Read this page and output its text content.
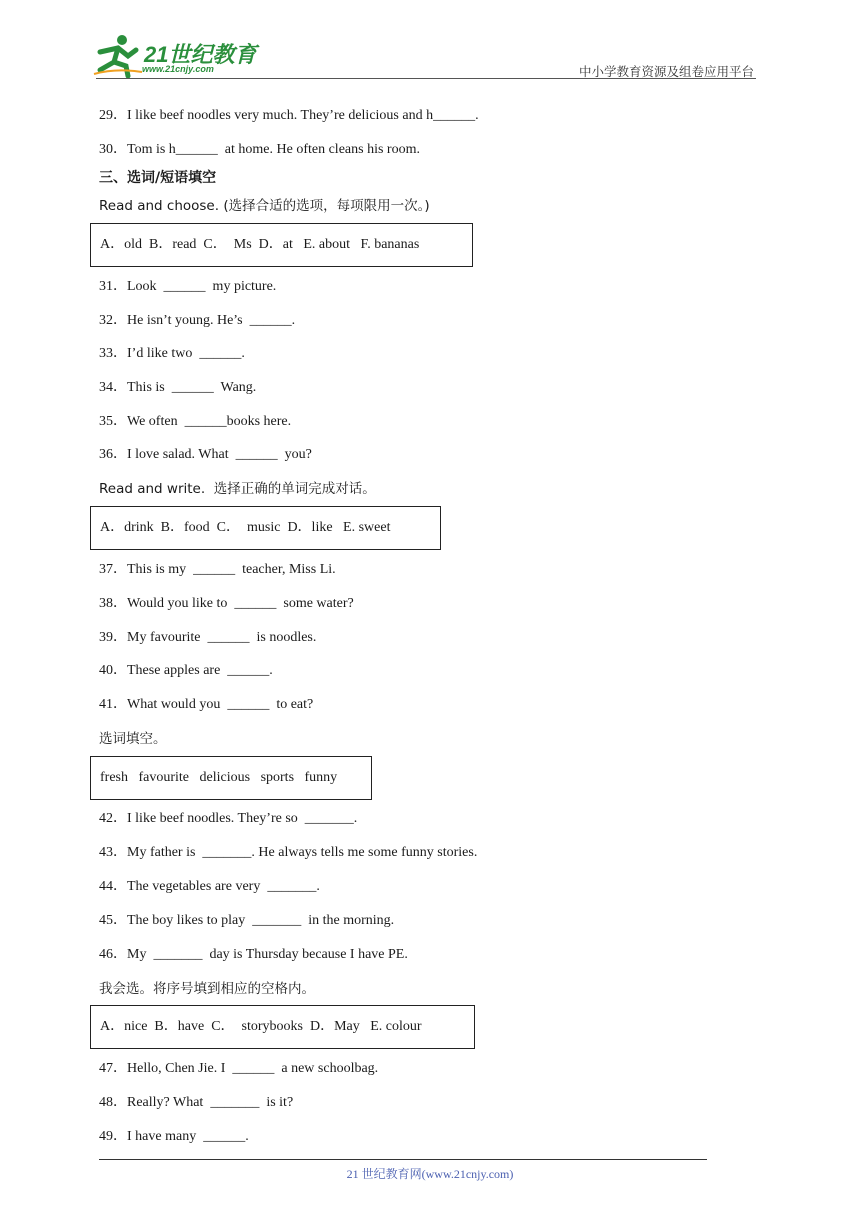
21世纪教育
www.21cnjy.com	中小学教育资源及组卷应用平台
29．I like beef noodles very much. They’re delicious and h______.
30．Tom is h______  at home. He often cleans his room.
三、选词/短语填空
Read and choose. (选择合适的选项，每项限用一次。)
A．old  B．read  C．  Ms  D．at   E. about   F. bananas
31．Look  ______  my picture.
32．He isn’t young. He’s  ______.
33．I’d like two  ______.
34．This is  ______  Wang.
35．We often  ______books here.
36．I love salad. What  ______  you?
Read and write.  选择正确的单词完成对话。
A．drink  B．food  C．  music  D．like   E. sweet
37．This is my  ______  teacher, Miss Li.
38．Would you like to  ______  some water?
39．My favourite  ______  is noodles.
40．These apples are  ______.
41．What would you  ______  to eat?
选词填空。
fresh   favourite   delicious   sports   funny
42．I like beef noodles. They’re so  _______.
43．My father is  _______. He always tells me some funny stories.
44．The vegetables are very  _______.
45．The boy likes to play  _______  in the morning.
46．My  _______  day is Thursday because I have PE.
我会选。将序号填到相应的空格内。
A．nice  B．have  C．  storybooks  D．May   E. colour
47．Hello, Chen Jie. I  ______  a new schoolbag.
48．Really? What  _______  is it?
49．I have many  ______.
21 世纪教育网(www.21cnjy.com)
